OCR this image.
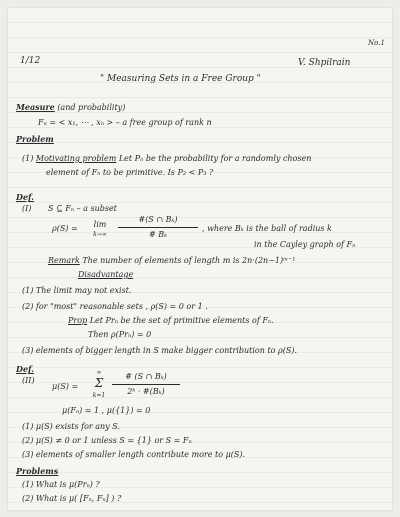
No.1
1/12	V. Shpilrain
" Measuring Sets in a Free Group "
Measure (and probability)
Fₙ = < x₁, ⋯ , xₙ > – a free group of rank n
Problem
(1) Motivating problem Let Pₙ be the probability for a randomly chosen
element of Fₙ to be primitive. Is P₂ < P₃ ?
Def.
(I) S ⊆ Fₙ – a subset
ρ(S) =	lim
k→∞
#(S ∩ Bₖ)
# Bₖ
, where Bₖ is the ball of radius k
in the Cayley graph of Fₙ
Remark The number of elements of length m is 2n·(2n−1)ᵐ⁻¹
Disadvantage
(1) The limit may not exist.
(2) for "most" reasonable sets , ρ(S) = 0 or 1 .
Prop Let Prₙ be the set of primitive elements of Fₙ.
Then ρ(Prₙ) = 0
(3) elements of bigger length in S make bigger contribution to ρ(S).
Def.
(II)
μ(S) =
∞
Σ
k=1
# (S ∩ Bₖ)
2ᵏ · #(Bₖ)
μ(Fₙ) = 1 , μ({1}) = 0
(1) μ(S) exists for any S.
(2) μ(S) ≠ 0 or 1 unless S = {1} or S = Fₙ
(3) elements of smaller length contribute more to μ(S).
Problems
(1) What is μ(Prₙ) ?
(2) What is μ( [Fₙ, Fₙ] ) ?
